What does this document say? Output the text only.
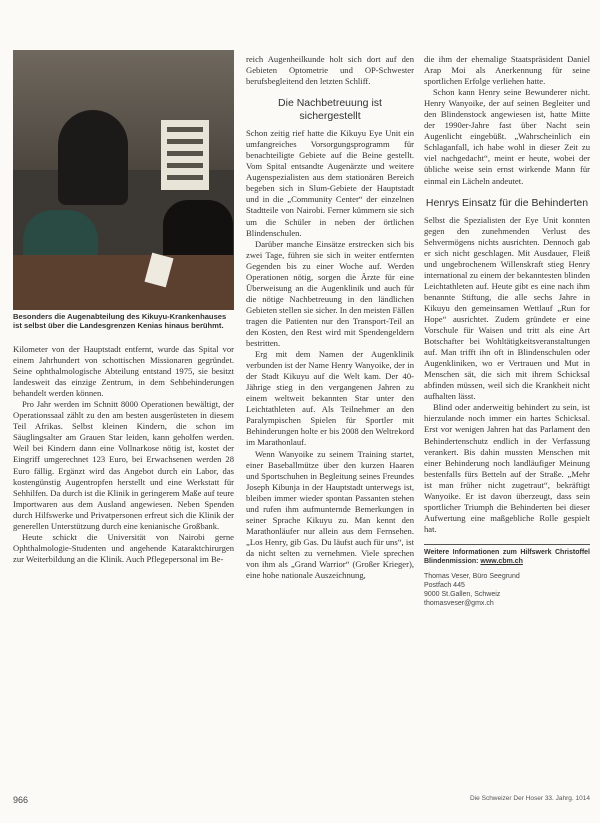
Besonders die Augenabteilung des Kikuyu-Krankenhauses ist selbst über die Landesgrenzen Kenias hinaus berühmt.

Kilometer von der Hauptstadt entfernt, wurde das Spital vor einem Jahrhundert von schottischen Missionaren gegründet. Seine ophthalmologische Abteilung entstand 1975, sie besitzt landesweit das einzige Zentrum, in dem Sehbehinderungen behandelt werden können.

Pro Jahr werden im Schnitt 8000 Operationen bewältigt, der Operationssaal zählt zu den am besten ausgerüsteten in diesem Teil Afrikas. Selbst kleinen Kindern, die schon im Säuglingsalter am Grauen Star leiden, kann geholfen werden. Weil bei Kindern dann eine Vollnarkose nötig ist, kostet der Eingriff umgerechnet 123 Euro, bei Erwachsenen werden 28 Euro fällig. Ergänzt wird das Angebot durch ein Labor, das kostengünstig Augentropfen herstellt und eine Werkstatt für Sehhilfen. Da durch ist die Klinik in geringerem Maße auf teure Importwaren aus dem Ausland angewiesen. Neben Spenden durch Hilfswerke und Privatpersonen erfreut sich die Klinik der generellen Unterstützung durch eine kenianische Großbank.

Heute schickt die Universität von Nairobi gerne Ophthalmologie-Studenten und angehende Kataraktchirurgen zur Weiterbildung an die Klinik. Auch Pflegepersonal im Be-

reich Augenheilkunde holt sich dort auf den Gebieten Optometrie und OP-Schwester berufsbegleitend den letzten Schliff.

Die Nachbetreuung ist sichergestellt

Schon zeitig rief hatte die Kikuyu Eye Unit ein umfangreiches Vorsorgungsprogramm für benachteiligte Gebiete auf die Beine gestellt. Vom Spital entsandte Augenärzte und weitere Augenspezialisten aus dem stationären Bereich begeben sich in Slum-Gebiete der Hauptstadt und in die „Community Center“ der einzelnen Stadtteile von Nairobi. Ferner kümmern sie sich um die Schüler in neben der örtlichen Blindenschulen.

Darüber manche Einsätze erstrecken sich bis zwei Tage, führen sie sich in weiter entfernten Gegenden bis zu einer Woche auf. Werden Operationen nötig, sorgen die Ärzte für eine Überweisung an die Augenklinik und auch für die nötige Nachbetreuung in den ländlichen Gebieten stellen sie sicher. In den meisten Fällen tragen die Patienten nur den Transport-Teil an den Kosten, den Rest wird mit Spendengeldern bestritten.

Erg mit dem Namen der Augenklinik verbunden ist der Name Henry Wanyoike, der in der Stadt Kikuyu auf die Welt kam. Der 40-Jährige stieg in den vergangenen Jahren zu einem weltweit bekannten Star unter den Leichtathleten auf. Als Teilnehmer an den Paralympischen Spielen für Sportler mit Behinderungen holte er bis 2008 den Weltrekord im Marathonlauf.

Wenn Wanyoike zu seinem Training startet, einer Baseballmütze über den kurzen Haaren und Sportschuhen in Begleitung seines Freundes Joseph Kibunja in der Hauptstadt unterwegs ist, bleiben immer wieder spontan Passanten stehen und rufen ihm aufmunternde Bemerkungen in seiner Sprache Kikuyu zu. Man kennt den Marathonläufer nur allein aus dem Fernsehen. „Los Henry, gib Gas. Du läufst auch für uns“, ist da nicht selten zu vernehmen. Viele sprechen von ihm als „Grand Warrior“ (Großer Krieger), eine hohe nationale Auszeichnung,

die ihm der ehemalige Staatspräsident Daniel Arap Moi als Anerkennung für seine sportlichen Erfolge verliehen hatte.

Schon kann Henry seine Bewunderer nicht. Henry Wanyoike, der auf seinen Begleiter und den Blindenstock angewiesen ist, hatte Mitte der 1990er-Jahre fast über Nacht sein Augenlicht eingebüßt. „Wahrscheinlich ein Schlaganfall, ich habe wohl in dieser Zeit zu viel nachgedacht“, meint er heute, wobei der übliche weise sein ernst wirkende Mann für einmal ein Lächeln andeutet.

Henrys Einsatz für die Behinderten

Selbst die Spezialisten der Eye Unit konnten gegen den zunehmenden Verlust des Sehvermögens nichts ausrichten. Dennoch gab er sich nicht geschlagen. Mit Ausdauer, Fleiß und ungebrochenem Willenskraft stieg Henry international zu einem der bekanntesten blinden Leichtathleten auf. Heute gibt es eine nach ihm benannte Stiftung, die alle sechs Jahre in Kikuyu den gemeinsamen Wettlauf „Run for Hope“ ausrichtet. Zudem gründete er eine Vorschule für Waisen und tritt als eine Art Botschafter bei Wohltätigkeitsveranstaltungen auf. Man trifft ihn oft in Blindenschulen oder Augenkliniken, wo er Vertrauen und Mut in Menschen sät, die sich mit ihrem Schicksal abfinden müssen, weil sich die Krankheit nicht aufhalten lässt.

Blind oder anderweitig behindert zu sein, ist hierzulande noch immer ein hartes Schicksal. Erst vor wenigen Jahren hat das Parlament den Behindertenschutz endlich in der Verfassung verankert. Bis dahin mussten Menschen mit einer Behinderung noch landläufiger Meinung bestenfalls fürs Betteln auf der Straße. „Mehr ist man früher nicht zugetraut“, bekräftigt Wanyoike. Er ist davon überzeugt, dass sein sportlicher Triumph die Behinderten bei dieser Aufwertung eine maßgebliche Rolle gespielt hat.

Weitere Informationen zum Hilfswerk Christoffel Blindenmission: www.cbm.ch
Thomas Veser, Büro Seegrund
Postfach 445
9000 St.Gallen, Schweiz
thomasveser@gmx.ch
966	Die Schweizer Der Hoser 33. Jahrg. 1014
